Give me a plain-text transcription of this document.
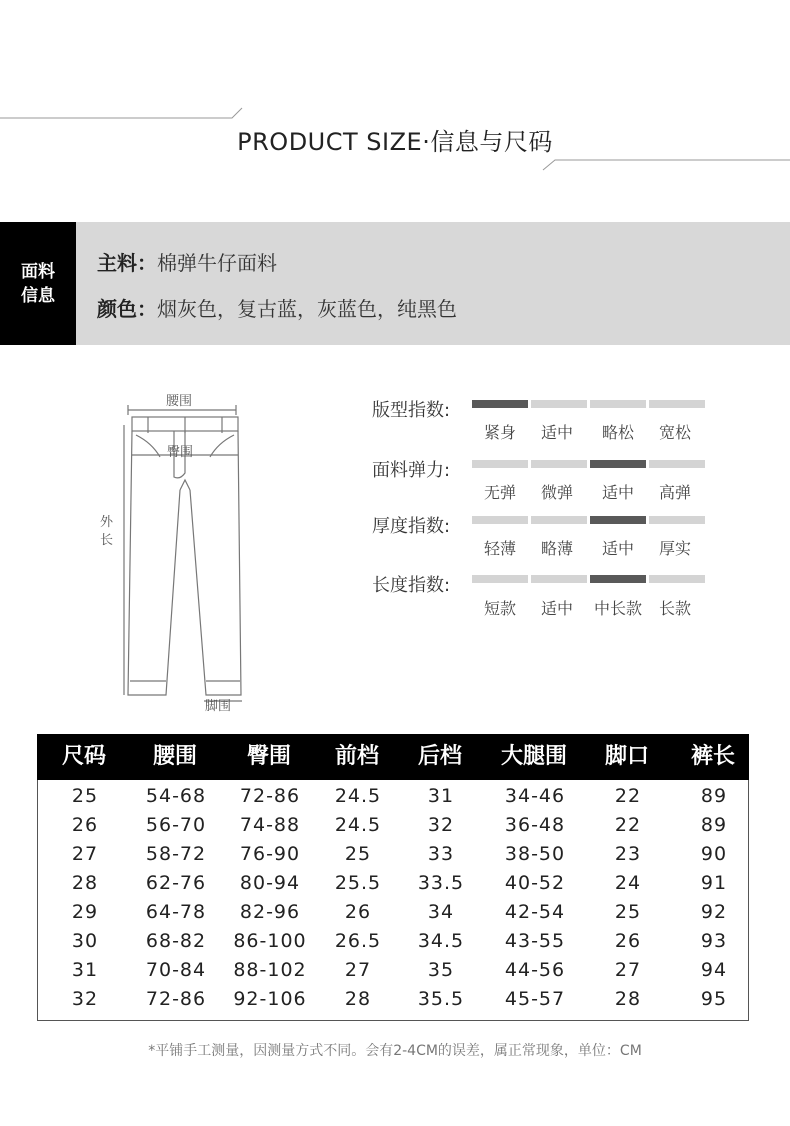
PRODUCT SIZE·信息与尺码
面料
信息
主料：棉弹牛仔面料
颜色：烟灰色，复古蓝，灰蓝色，纯黑色
腰围
臀围
外
长
脚围
版型指数:
紧身	适中	略松	宽松
面料弹力:
无弹	微弹	适中	高弹
厚度指数:
轻薄	略薄	适中	厚实
长度指数:
短款	适中	中长款	长款
尺码 腰围 臀围 前档 后档 大腿围 脚口 裤长
25	54-68 72-86 24.5 31	34-46	22	89
26	56-70 74-88 24.5 32	36-48	22	89
27	58-72 76-90 25	33	38-50	23	90
28	62-76 80-94 25.5 33.5 40-52	24	91
29	64-78 82-96 26	34	42-54	25	92
30	68-82 86-100 26.5 34.5 43-55	26	93
31	70-84 88-102 27	35	44-56	27	94
32	72-86 92-106 28 35.5 45-57	28	95
*平铺手工测量，因测量方式不同。会有2-4CM的误差，属正常现象，单位：CM
